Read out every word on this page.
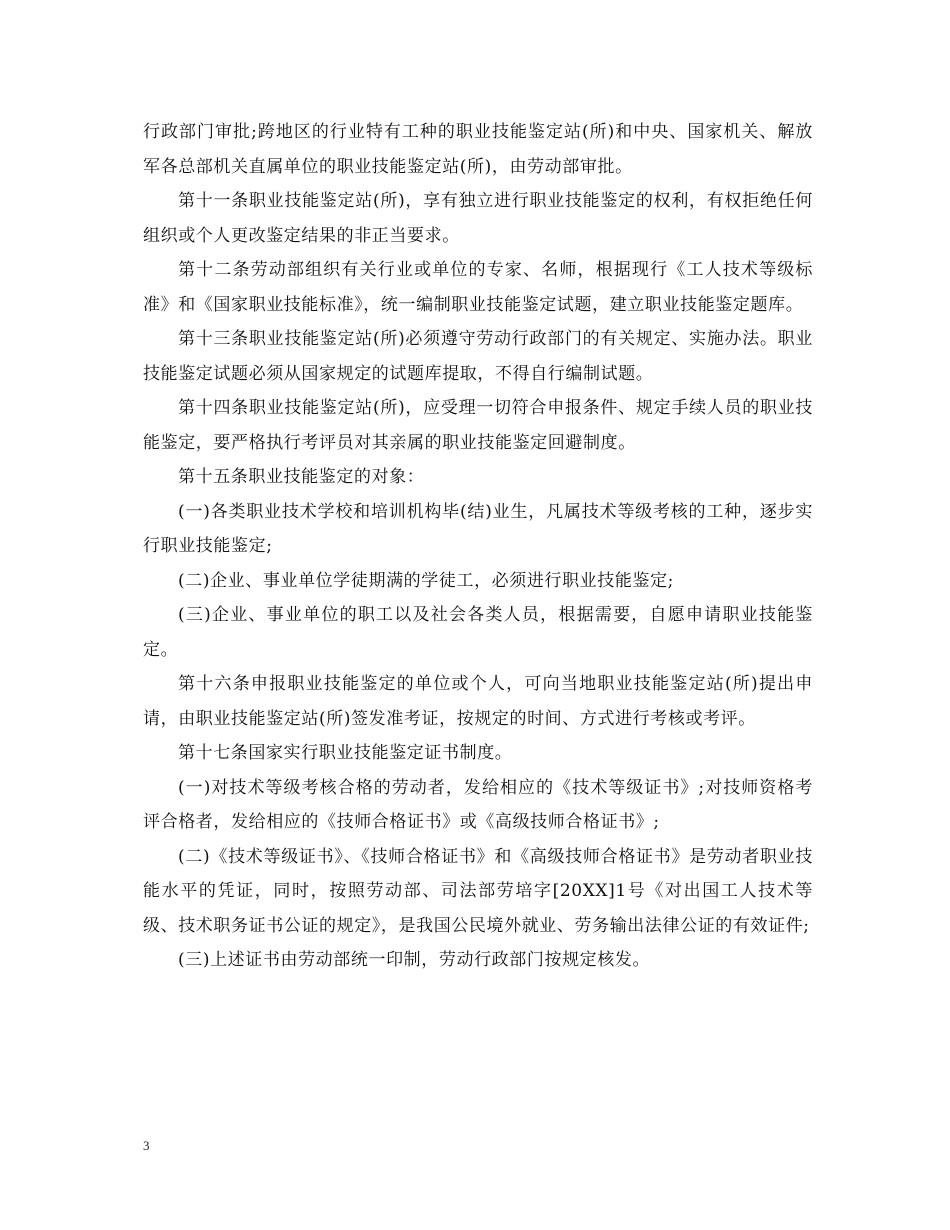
行政部门审批;跨地区的行业特有工种的职业技能鉴定站(所)和中央、国家机关、解放军各总部机关直属单位的职业技能鉴定站(所)，由劳动部审批。

第十一条职业技能鉴定站(所)，享有独立进行职业技能鉴定的权利，有权拒绝任何组织或个人更改鉴定结果的非正当要求。

第十二条劳动部组织有关行业或单位的专家、名师，根据现行《工人技术等级标准》和《国家职业技能标准》，统一编制职业技能鉴定试题，建立职业技能鉴定题库。

第十三条职业技能鉴定站(所)必须遵守劳动行政部门的有关规定、实施办法。职业技能鉴定试题必须从国家规定的试题库提取，不得自行编制试题。

第十四条职业技能鉴定站(所)，应受理一切符合申报条件、规定手续人员的职业技能鉴定，要严格执行考评员对其亲属的职业技能鉴定回避制度。

第十五条职业技能鉴定的对象：

(一)各类职业技术学校和培训机构毕(结)业生，凡属技术等级考核的工种，逐步实行职业技能鉴定;

(二)企业、事业单位学徒期满的学徒工，必须进行职业技能鉴定;

(三)企业、事业单位的职工以及社会各类人员，根据需要，自愿申请职业技能鉴定。

第十六条申报职业技能鉴定的单位或个人，可向当地职业技能鉴定站(所)提出申请，由职业技能鉴定站(所)签发准考证，按规定的时间、方式进行考核或考评。

第十七条国家实行职业技能鉴定证书制度。

(一)对技术等级考核合格的劳动者，发给相应的《技术等级证书》;对技师资格考评合格者，发给相应的《技师合格证书》或《高级技师合格证书》;

(二)《技术等级证书》、《技师合格证书》和《高级技师合格证书》是劳动者职业技能水平的凭证，同时，按照劳动部、司法部劳培字[20XX]1号《对出国工人技术等级、技术职务证书公证的规定》，是我国公民境外就业、劳务输出法律公证的有效证件;

(三)上述证书由劳动部统一印制，劳动行政部门按规定核发。

3
